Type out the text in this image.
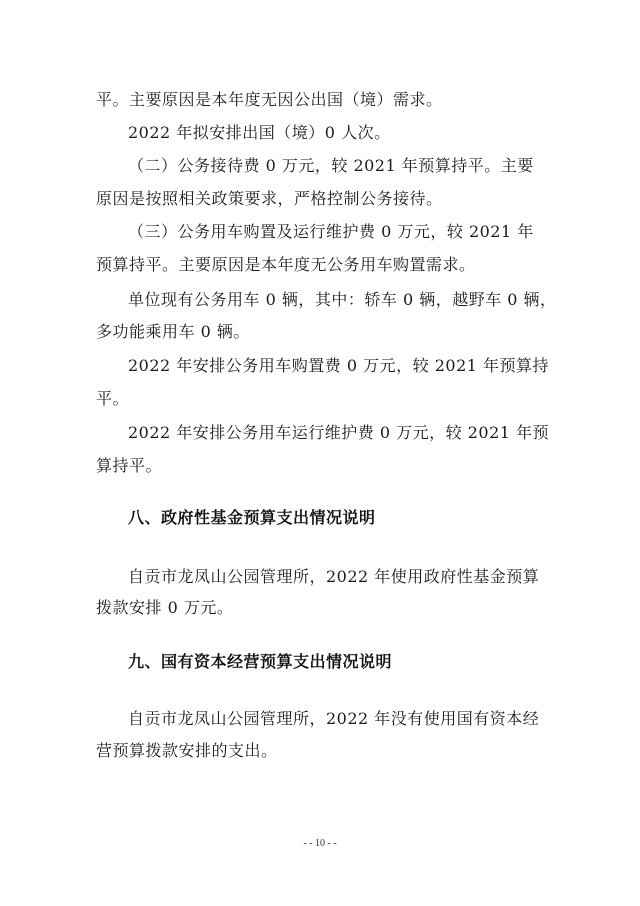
平。主要原因是本年度无因公出国（境）需求。
2022 年拟安排出国（境）0 人次。
（二）公务接待费 0 万元，较 2021 年预算持平。主要
原因是按照相关政策要求，严格控制公务接待。
（三）公务用车购置及运行维护费 0 万元，较 2021 年
预算持平。主要原因是本年度无公务用车购置需求。
单位现有公务用车 0 辆，其中：轿车 0 辆，越野车 0 辆，
多功能乘用车 0 辆。
2022 年安排公务用车购置费 0 万元，较 2021 年预算持
平。
2022 年安排公务用车运行维护费 0 万元，较 2021 年预
算持平。
八、政府性基金预算支出情况说明
自贡市龙凤山公园管理所，2022 年使用政府性基金预算
拨款安排 0 万元。
九、国有资本经营预算支出情况说明
自贡市龙凤山公园管理所，2022 年没有使用国有资本经
营预算拨款安排的支出。
- - 10 - -
